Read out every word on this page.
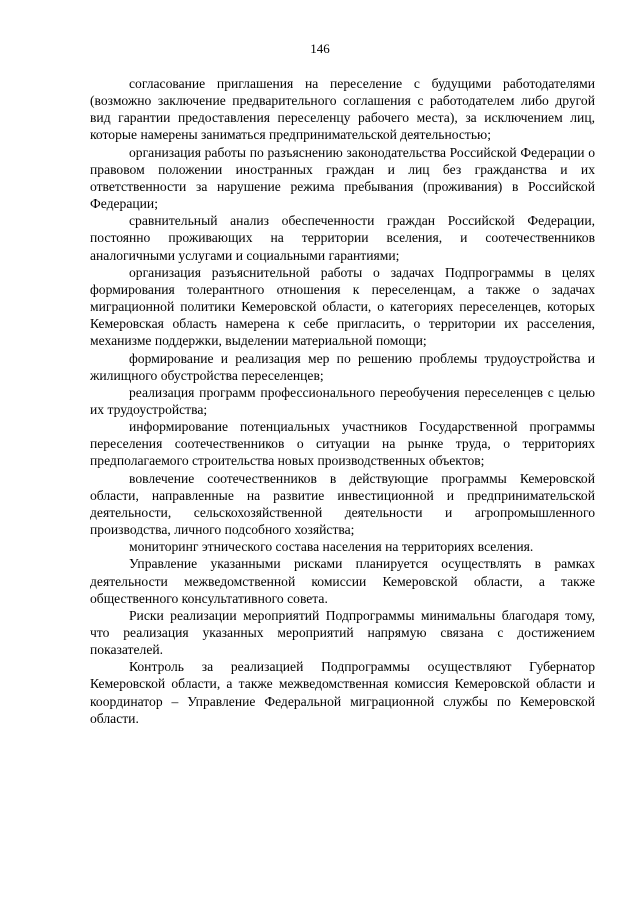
146

согласование приглашения на переселение с будущими работодателями (возможно заключение предварительного соглашения с работодателем либо другой вид гарантии предоставления переселенцу рабочего места), за исключением лиц, которые намерены заниматься предпринимательской деятельностью;

организация работы по разъяснению законодательства Российской Федерации о правовом положении иностранных граждан и лиц без гражданства и их ответственности за нарушение режима пребывания (проживания) в Российской Федерации;

сравнительный анализ обеспеченности граждан Российской Федерации, постоянно проживающих на территории вселения, и соотечественников аналогичными услугами и социальными гарантиями;

организация разъяснительной работы о задачах Подпрограммы в целях формирования толерантного отношения к переселенцам, а также о задачах миграционной политики Кемеровской области, о категориях переселенцев, которых Кемеровская область намерена к себе пригласить, о территории их расселения, механизме поддержки, выделении материальной помощи;

формирование и реализация мер по решению проблемы трудоустройства и жилищного обустройства переселенцев;

реализация программ профессионального переобучения переселенцев с целью их трудоустройства;

информирование потенциальных участников Государственной программы переселения соотечественников о ситуации на рынке труда, о территориях предполагаемого строительства новых производственных объектов;

вовлечение соотечественников в действующие программы Кемеровской области, направленные на развитие инвестиционной и предпринимательской деятельности, сельскохозяйственной деятельности и агропромышленного производства, личного подсобного хозяйства;

мониторинг этнического состава населения на территориях вселения.

Управление указанными рисками планируется осуществлять в рамках деятельности межведомственной комиссии Кемеровской области, а также общественного консультативного совета.

Риски реализации мероприятий Подпрограммы минимальны благодаря тому, что реализация указанных мероприятий напрямую связана с достижением показателей.

Контроль за реализацией Подпрограммы осуществляют Губернатор Кемеровской области, а также межведомственная комиссия Кемеровской области и координатор – Управление Федеральной миграционной службы по Кемеровской области.
